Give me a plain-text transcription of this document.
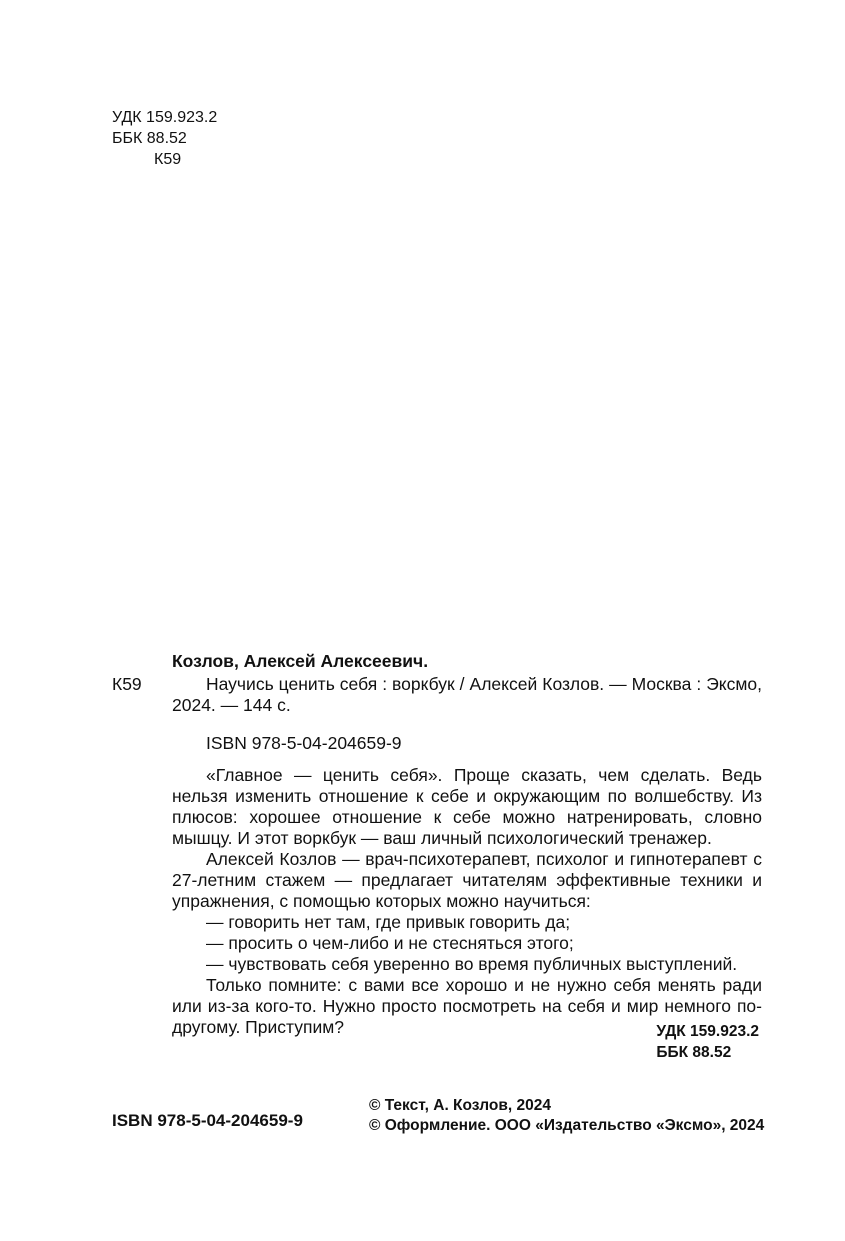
УДК 159.923.2
ББК 88.52
К59
Козлов, Алексей Алексеевич.
К59	Научись ценить себя : воркбук / Алексей Козлов. — Москва : Эксмо, 2024. — 144 с.
ISBN 978-5-04-204659-9

«Главное — ценить себя». Проще сказать, чем сделать. Ведь нельзя изменить отношение к себе и окружающим по волшебству. Из плюсов: хорошее отношение к себе можно натренировать, словно мышцу. И этот воркбук — ваш личный психологический тренажер.

Алексей Козлов — врач-психотерапевт, психолог и гипнотерапевт с 27-летним стажем — предлагает читателям эффективные техники и упражнения, с помощью которых можно научиться:

— говорить нет там, где привык говорить да;

— просить о чем-либо и не стесняться этого;

— чувствовать себя уверенно во время публичных выступлений.

Только помните: с вами все хорошо и не нужно себя менять ради или из-за кого-то. Нужно просто посмотреть на себя и мир немного по-другому. Приступим?	УДК 159.923.2
ББК 88.52
ISBN 978-5-04-204659-9
© Текст, А. Козлов, 2024
© Оформление. ООО «Издательство «Эксмо», 2024
